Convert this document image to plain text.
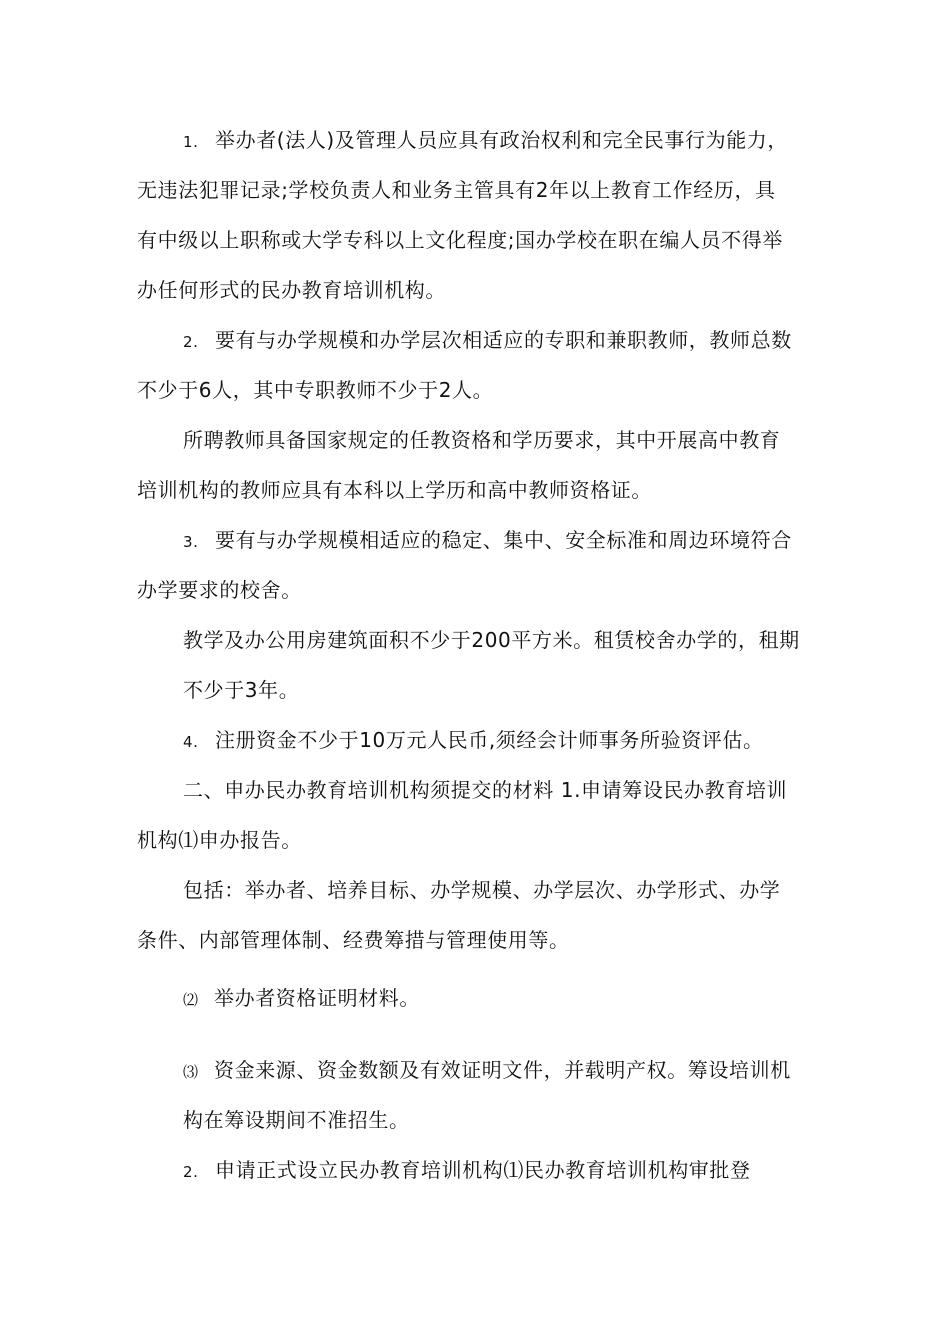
1. 举办者(法人)及管理人员应具有政治权利和完全民事行为能力，
无违法犯罪记录;学校负责人和业务主管具有2年以上教育工作经历，具
有中级以上职称或大学专科以上文化程度;国办学校在职在编人员不得举
办任何形式的民办教育培训机构。
2. 要有与办学规模和办学层次相适应的专职和兼职教师，教师总数
不少于6人，其中专职教师不少于2人。
所聘教师具备国家规定的任教资格和学历要求，其中开展高中教育
培训机构的教师应具有本科以上学历和高中教师资格证。
3. 要有与办学规模相适应的稳定、集中、安全标准和周边环境符合
办学要求的校舍。
教学及办公用房建筑面积不少于200平方米。租赁校舍办学的，租期
不少于3年。
4. 注册资金不少于10万元人民币,须经会计师事务所验资评估。
二、申办民办教育培训机构须提交的材料 1.申请筹设民办教育培训
机构⑴申办报告。
包括：举办者、培养目标、办学规模、办学层次、办学形式、办学
条件、内部管理体制、经费筹措与管理使用等。
⑵ 举办者资格证明材料。
⑶ 资金来源、资金数额及有效证明文件，并载明产权。筹设培训机
构在筹设期间不准招生。
2. 申请正式设立民办教育培训机构⑴民办教育培训机构审批登
